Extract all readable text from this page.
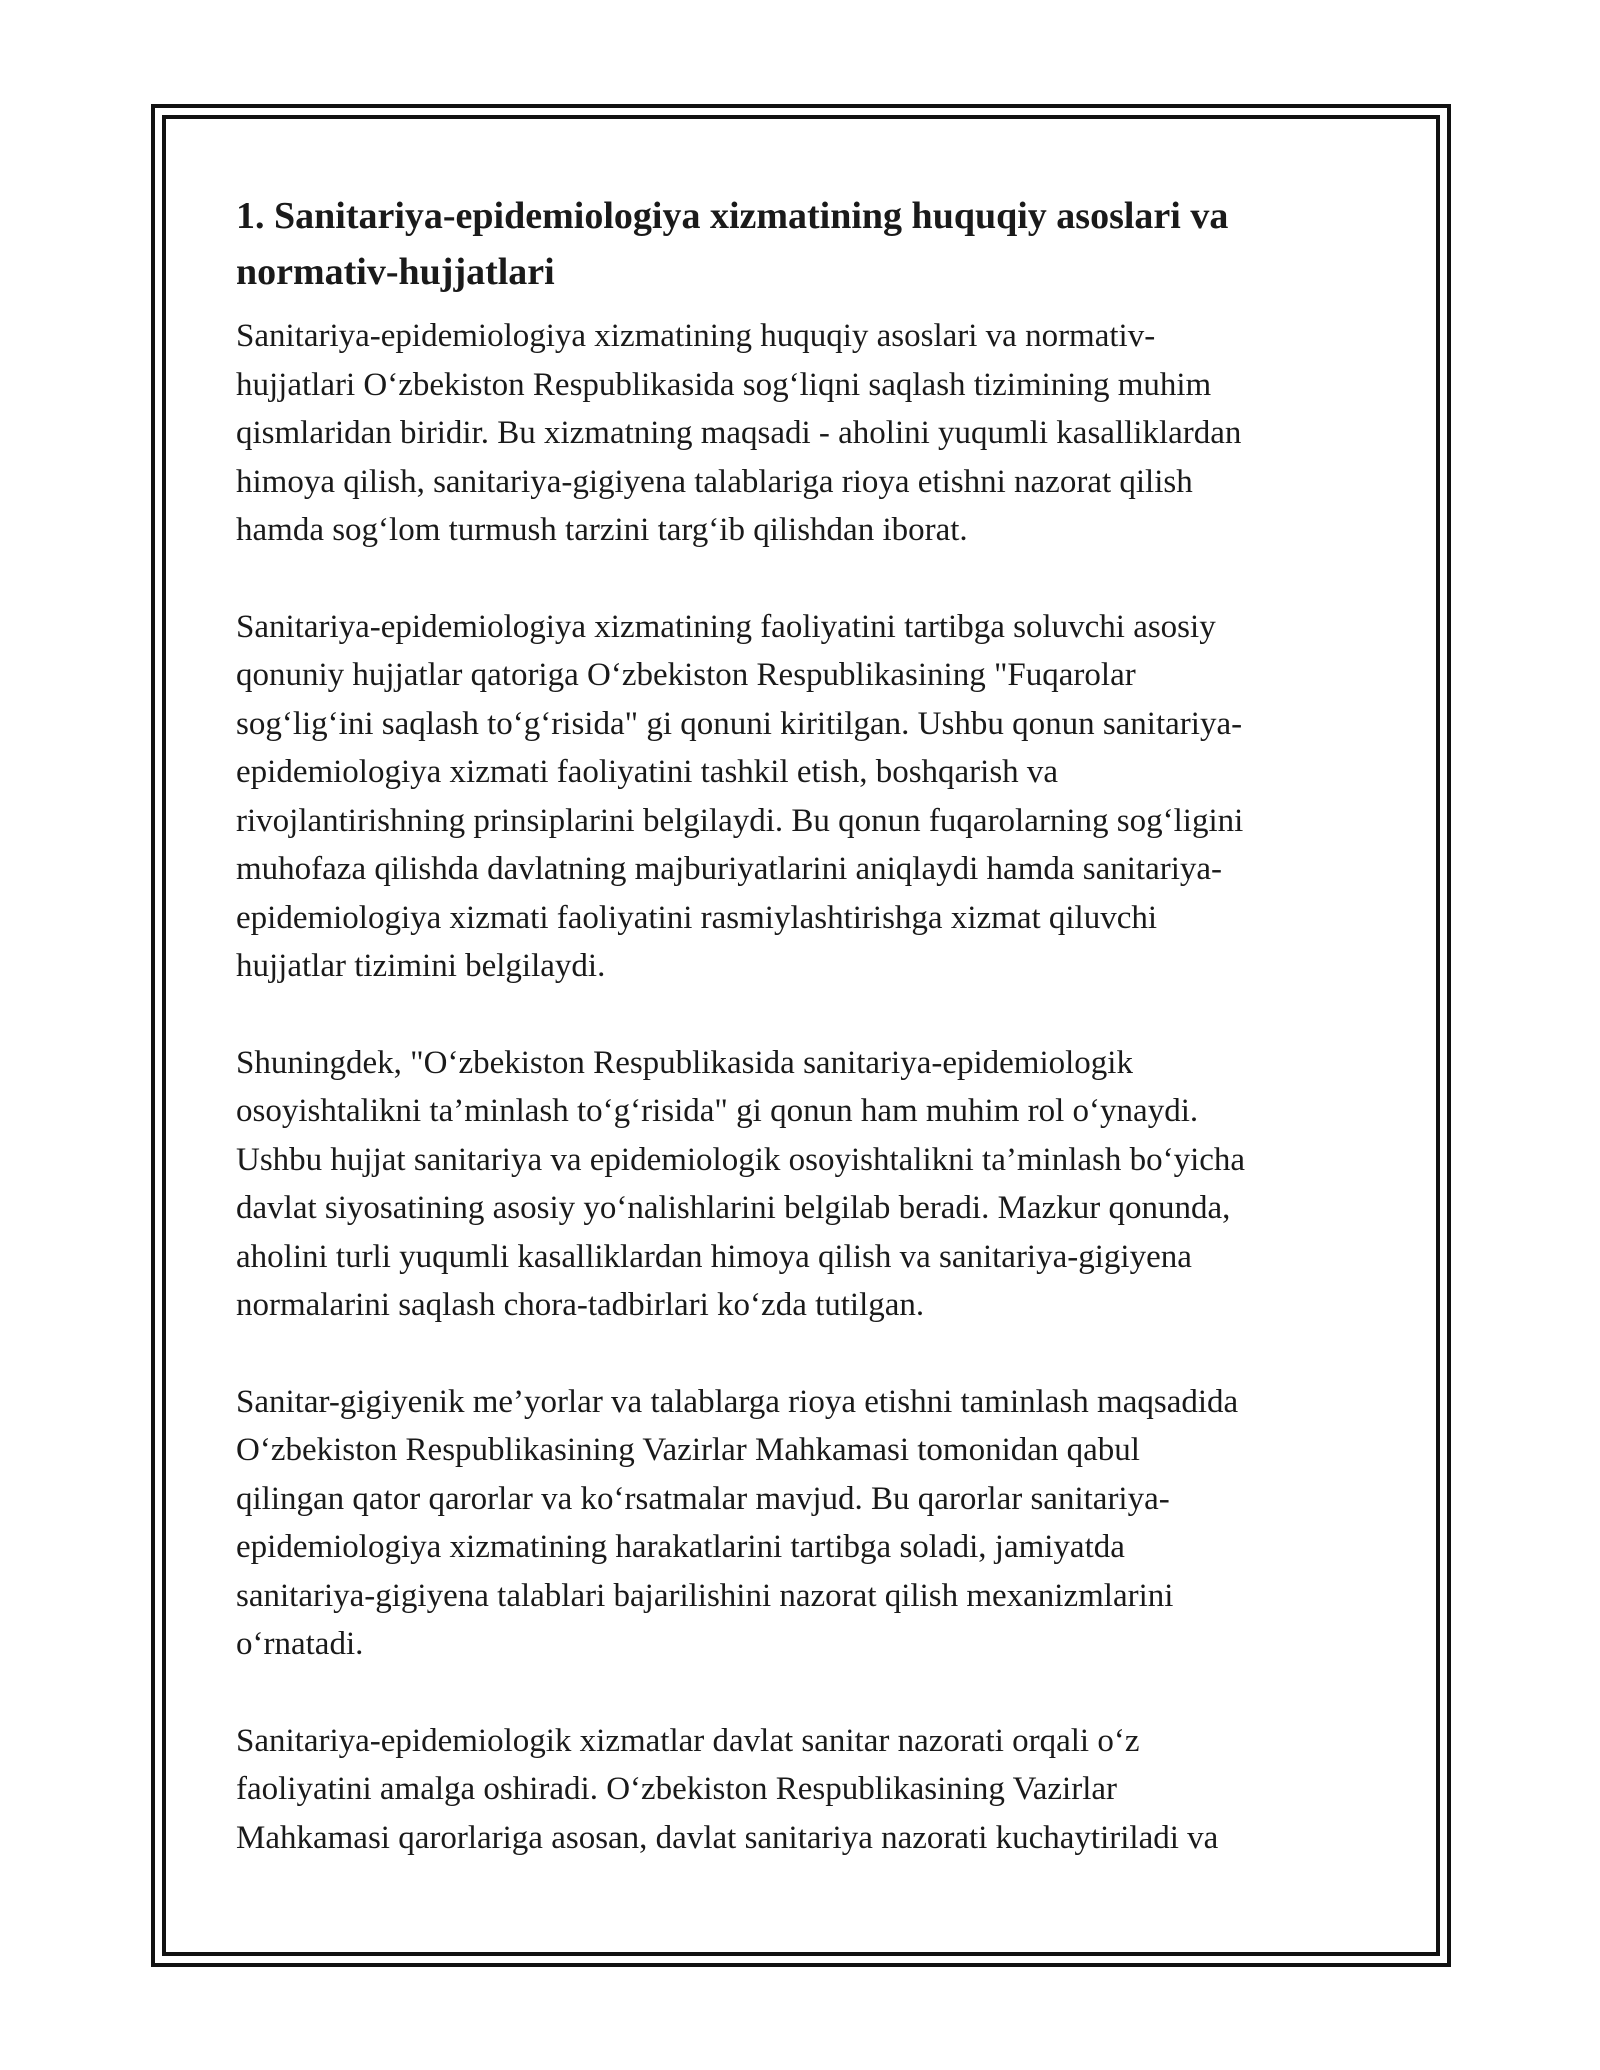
1. Sanitariya-epidemiologiya xizmatining huquqiy asoslari va
normativ-hujjatlari

Sanitariya-epidemiologiya xizmatining huquqiy asoslari va normativ-
hujjatlari O‘zbekiston Respublikasida sog‘liqni saqlash tizimining muhim
qismlaridan biridir. Bu xizmatning maqsadi - aholini yuqumli kasalliklardan
himoya qilish, sanitariya-gigiyena talablariga rioya etishni nazorat qilish
hamda sog‘lom turmush tarzini targ‘ib qilishdan iborat.

Sanitariya-epidemiologiya xizmatining faoliyatini tartibga soluvchi asosiy
qonuniy hujjatlar qatoriga O‘zbekiston Respublikasining "Fuqarolar
sog‘lig‘ini saqlash to‘g‘risida" gi qonuni kiritilgan. Ushbu qonun sanitariya-
epidemiologiya xizmati faoliyatini tashkil etish, boshqarish va
rivojlantirishning prinsiplarini belgilaydi. Bu qonun fuqarolarning sog‘ligini
muhofaza qilishda davlatning majburiyatlarini aniqlaydi hamda sanitariya-
epidemiologiya xizmati faoliyatini rasmiylashtirishga xizmat qiluvchi
hujjatlar tizimini belgilaydi.

Shuningdek, "O‘zbekiston Respublikasida sanitariya-epidemiologik
osoyishtalikni ta’minlash to‘g‘risida" gi qonun ham muhim rol o‘ynaydi.
Ushbu hujjat sanitariya va epidemiologik osoyishtalikni ta’minlash bo‘yicha
davlat siyosatining asosiy yo‘nalishlarini belgilab beradi. Mazkur qonunda,
aholini turli yuqumli kasalliklardan himoya qilish va sanitariya-gigiyena
normalarini saqlash chora-tadbirlari ko‘zda tutilgan.

Sanitar-gigiyenik me’yorlar va talablarga rioya etishni taminlash maqsadida
O‘zbekiston Respublikasining Vazirlar Mahkamasi tomonidan qabul
qilingan qator qarorlar va ko‘rsatmalar mavjud. Bu qarorlar sanitariya-
epidemiologiya xizmatining harakatlarini tartibga soladi, jamiyatda
sanitariya-gigiyena talablari bajarilishini nazorat qilish mexanizmlarini
o‘rnatadi.

Sanitariya-epidemiologik xizmatlar davlat sanitar nazorati orqali o‘z
faoliyatini amalga oshiradi. O‘zbekiston Respublikasining Vazirlar
Mahkamasi qarorlariga asosan, davlat sanitariya nazorati kuchaytiriladi va
